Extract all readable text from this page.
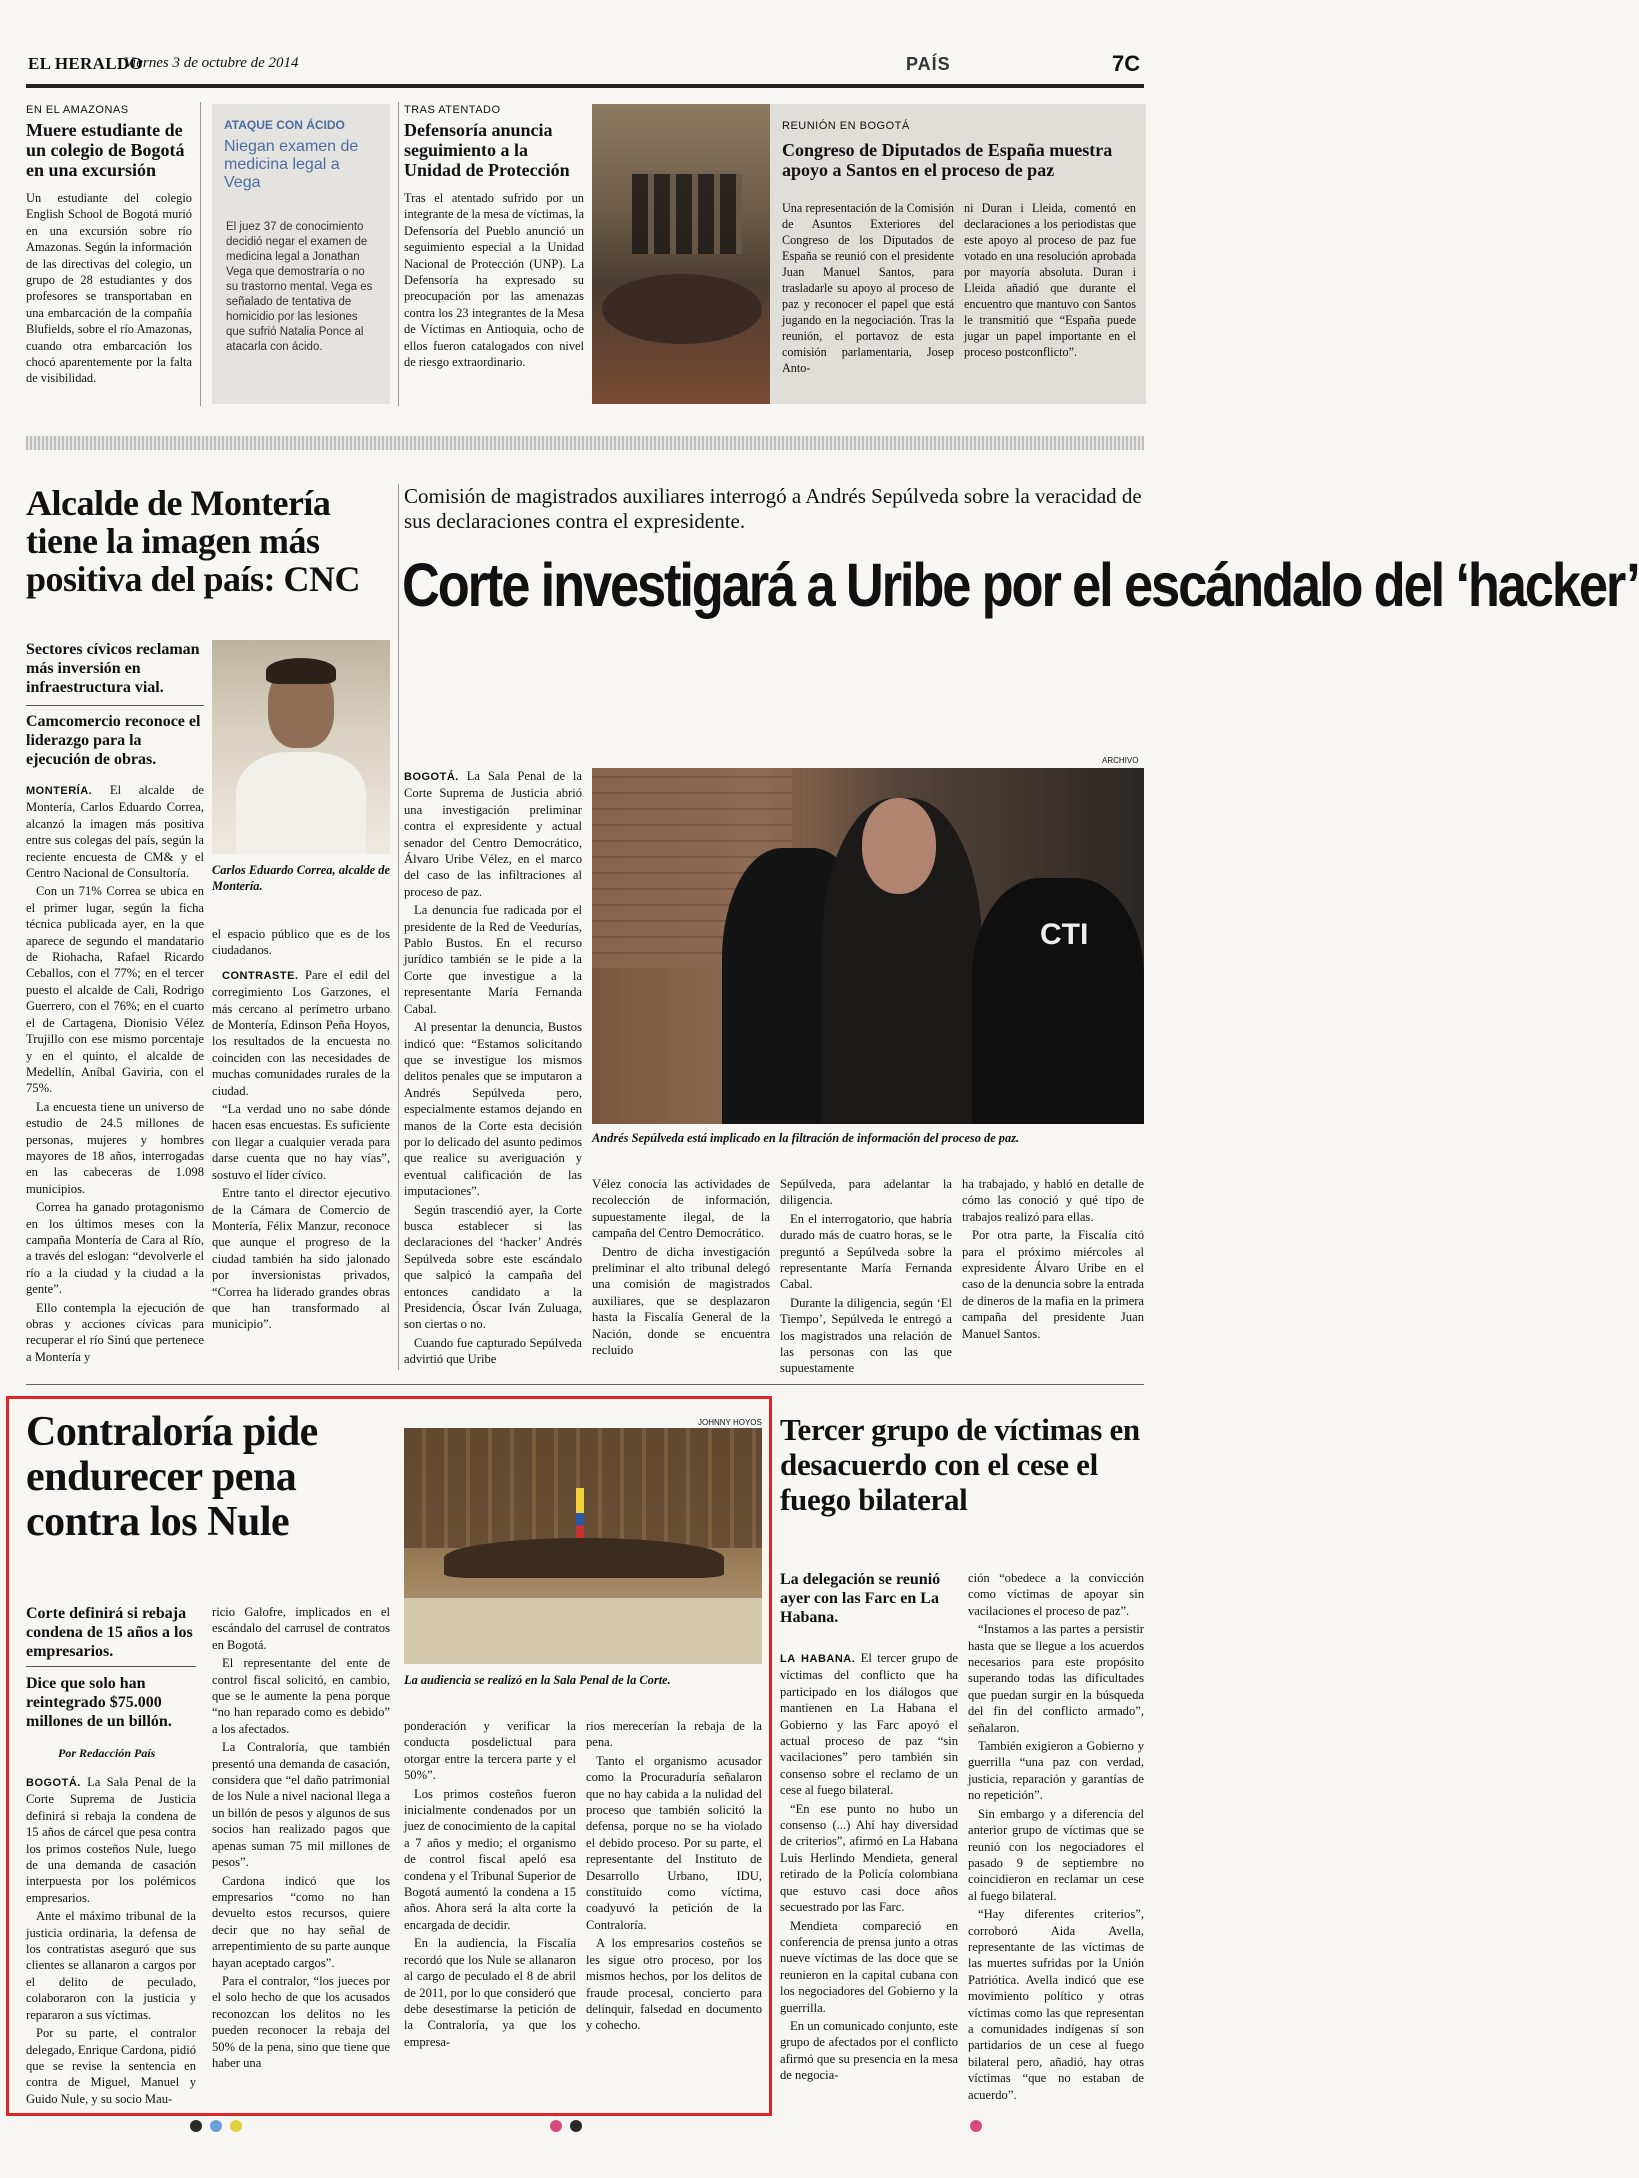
EL HERALDO
Viernes 3 de octubre de 2014	PAÍS	7C
EN EL AMAZONAS
Muere estudiante de un colegio de Bogotá en una excursión
Un estudiante del colegio English School de Bogotá murió en una excursión sobre río Amazonas. Según la información de las directivas del colegio, un grupo de 28 estudiantes y dos profesores se transportaban en una embarcación de la compañía Blufields, sobre el río Amazonas, cuando otra embarcación los chocó aparentemente por la falta de visibilidad.
ATAQUE CON ÁCIDO
Niegan examen de medicina legal a Vega
El juez 37 de conocimiento decidió negar el examen de medicina legal a Jonathan Vega que demostraría o no su trastorno mental. Vega es señalado de tentativa de homicidio por las lesiones que sufrió Natalia Ponce al atacarla con ácido.
TRAS ATENTADO
Defensoría anuncia seguimiento a la Unidad de Protección
Tras el atentado sufrido por un integrante de la mesa de víctimas, la Defensoría del Pueblo anunció un seguimiento especial a la Unidad Nacional de Protección (UNP). La Defensoría ha expresado su preocupación por las amenazas contra los 23 integrantes de la Mesa de Víctimas en Antioquia, ocho de ellos fueron catalogados con nivel de riesgo extraordinario.
REUNIÓN EN BOGOTÁ
Congreso de Diputados de España muestra apoyo a Santos en el proceso de paz
Una representación de la Comisión de Asuntos Exteriores del Congreso de los Diputados de España se reunió con el presidente Juan Manuel Santos, para trasladarle su apoyo al proceso de paz y reconocer el papel que está jugando en la negociación. Tras la reunión, el portavoz de esta comisión parlamentaria, Josep Anto-
ni Duran i Lleida, comentó en declaraciones a los periodistas que este apoyo al proceso de paz fue votado en una resolución aprobada por mayoría absoluta. Duran i Lleida añadió que durante el encuentro que mantuvo con Santos le transmitió que “España puede jugar un papel importante en el proceso postconflicto”.
Alcalde de Montería tiene la imagen más positiva del país: CNC
Sectores cívicos reclaman más inversión en infraestructura vial.
Camcomercio reconoce el liderazgo para la ejecución de obras.
Carlos Eduardo Correa, alcalde de Montería.

MONTERÍA. El alcalde de Montería, Carlos Eduardo Correa, alcanzó la imagen más positiva entre sus colegas del país, según la reciente encuesta de CM& y el Centro Nacional de Consultoría.

Con un 71% Correa se ubica en el primer lugar, según la ficha técnica publicada ayer, en la que aparece de segundo el mandatario de Riohacha, Rafael Ricardo Ceballos, con el 77%; en el tercer puesto el alcalde de Cali, Rodrigo Guerrero, con el 76%; en el cuarto el de Cartagena, Dionisio Vélez Trujillo con ese mismo porcentaje y en el quinto, el alcalde de Medellín, Aníbal Gaviria, con el 75%.

La encuesta tiene un universo de estudio de 24.5 millones de personas, mujeres y hombres mayores de 18 años, interrogadas en las cabeceras de 1.098 municipios.

Correa ha ganado protagonismo en los últimos meses con la campaña Montería de Cara al Río, a través del eslogan: “devolverle el río a la ciudad y la ciudad a la gente”.

Ello contempla la ejecución de obras y acciones cívicas para recuperar el río Sinú que pertenece a Montería y

el espacio público que es de los ciudadanos.

CONTRASTE. Pare el edil del corregimiento Los Garzones, el más cercano al perímetro urbano de Montería, Edinson Peña Hoyos, los resultados de la encuesta no coinciden con las necesidades de muchas comunidades rurales de la ciudad.

“La verdad uno no sabe dónde hacen esas encuestas. Es suficiente con llegar a cualquier verada para darse cuenta que no hay vías”, sostuvo el líder cívico.

Entre tanto el director ejecutivo de la Cámara de Comercio de Montería, Félix Manzur, reconoce que aunque el progreso de la ciudad también ha sido jalonado por inversionistas privados, “Correa ha liderado grandes obras que han transformado al municipio”.

Comisión de magistrados auxiliares interrogó a Andrés Sepúlveda sobre la veracidad de sus declaraciones contra el expresidente.
Corte investigará a Uribe por el escándalo del ‘hacker’
ARCHIVO
CTI
Andrés Sepúlveda está implicado en la filtración de información del proceso de paz.

BOGOTÁ. La Sala Penal de la Corte Suprema de Justicia abrió una investigación preliminar contra el expresidente y actual senador del Centro Democrático, Álvaro Uribe Vélez, en el marco del caso de las infiltraciones al proceso de paz.

La denuncia fue radicada por el presidente de la Red de Veedurías, Pablo Bustos. En el recurso jurídico también se le pide a la Corte que investigue a la representante María Fernanda Cabal.

Al presentar la denuncia, Bustos indicó que: “Estamos solicitando que se investigue los mismos delitos penales que se imputaron a Andrés Sepúlveda pero, especialmente estamos dejando en manos de la Corte esta decisión por lo delicado del asunto pedimos que realice su averiguación y eventual calificación de las imputaciones”.

Según trascendió ayer, la Corte busca establecer si las declaraciones del ‘hacker’ Andrés Sepúlveda sobre este escándalo que salpicó la campaña del entonces candidato a la Presidencia, Óscar Iván Zuluaga, son ciertas o no.

Cuando fue capturado Sepúlveda advirtió que Uribe

Vélez conocía las actividades de recolección de información, supuestamente ilegal, de la campaña del Centro Democrático.

Dentro de dicha investigación preliminar el alto tribunal delegó una comisión de magistrados auxiliares, que se desplazaron hasta la Fiscalía General de la Nación, donde se encuentra recluido

Sepúlveda, para adelantar la diligencia.

En el interrogatorio, que habría durado más de cuatro horas, se le preguntó a Sepúlveda sobre la representante María Fernanda Cabal.

Durante la diligencia, según ‘El Tiempo’, Sepúlveda le entregó a los magistrados una relación de las personas con las que supuestamente

ha trabajado, y habló en detalle de cómo las conoció y qué tipo de trabajos realizó para ellas.

Por otra parte, la Fiscalía citó para el próximo miércoles al expresidente Álvaro Uribe en el caso de la denuncia sobre la entrada de dineros de la mafia en la primera campaña del presidente Juan Manuel Santos.

Contraloría pide endurecer pena contra los Nule
JOHNNY HOYOS
La audiencia se realizó en la Sala Penal de la Corte.
Corte definirá si rebaja condena de 15 años a los empresarios.
Dice que solo han reintegrado $75.000 millones de un billón.
Por Redacción País

BOGOTÁ. La Sala Penal de la Corte Suprema de Justicia definirá si rebaja la condena de 15 años de cárcel que pesa contra los primos costeños Nule, luego de una demanda de casación interpuesta por los polémicos empresarios.

Ante el máximo tribunal de la justicia ordinaria, la defensa de los contratistas aseguró que sus clientes se allanaron a cargos por el delito de peculado, colaboraron con la justicia y repararon a sus víctimas.

Por su parte, el contralor delegado, Enrique Cardona, pidió que se revise la sentencia en contra de Miguel, Manuel y Guido Nule, y su socio Mau-

ricio Galofre, implicados en el escándalo del carrusel de contratos en Bogotá.

El representante del ente de control fiscal solicitó, en cambio, que se le aumente la pena porque “no han reparado como es debido” a los afectados.

La Contraloría, que también presentó una demanda de casación, considera que “el daño patrimonial de los Nule a nivel nacional llega a un billón de pesos y algunos de sus socios han realizado pagos que apenas suman 75 mil millones de pesos”.

Cardona indicó que los empresarios “como no han devuelto estos recursos, quiere decir que no hay señal de arrepentimiento de su parte aunque hayan aceptado cargos”.

Para el contralor, “los jueces por el solo hecho de que los acusados reconozcan los delitos no les pueden reconocer la rebaja del 50% de la pena, sino que tiene que haber una

ponderación y verificar la conducta posdelictual para otorgar entre la tercera parte y el 50%”.

Los primos costeños fueron inicialmente condenados por un juez de conocimiento de la capital a 7 años y medio; el organismo de control fiscal apeló esa condena y el Tribunal Superior de Bogotá aumentó la condena a 15 años. Ahora será la alta corte la encargada de decidir.

En la audiencia, la Fiscalía recordó que los Nule se allanaron al cargo de peculado el 8 de abril de 2011, por lo que consideró que debe desestimarse la petición de la Contraloría, ya que los empresa-

rios merecerían la rebaja de la pena.

Tanto el organismo acusador como la Procuraduría señalaron que no hay cabida a la nulidad del proceso que también solicitó la defensa, porque no se ha violado el debido proceso. Por su parte, el representante del Instituto de Desarrollo Urbano, IDU, constituido como víctima, coadyuvó la petición de la Contraloría.

A los empresarios costeños se les sigue otro proceso, por los mismos hechos, por los delitos de fraude procesal, concierto para delinquir, falsedad en documento y cohecho.

Tercer grupo de víctimas en desacuerdo con el cese el fuego bilateral
La delegación se reunió ayer con las Farc en La Habana.

LA HABANA. El tercer grupo de víctimas del conflicto que ha participado en los diálogos que mantienen en La Habana el Gobierno y las Farc apoyó el actual proceso de paz “sin vacilaciones” pero también sin consenso sobre el reclamo de un cese al fuego bilateral.

“En ese punto no hubo un consenso (...) Ahí hay diversidad de criterios”, afirmó en La Habana Luis Herlindo Mendieta, general retirado de la Policía colombiana que estuvo casi doce años secuestrado por las Farc.

Mendieta compareció en conferencia de prensa junto a otras nueve víctimas de las doce que se reunieron en la capital cubana con los negociadores del Gobierno y la guerrilla.

En un comunicado conjunto, este grupo de afectados por el conflicto afirmó que su presencia en la mesa de negocia-

ción “obedece a la convicción como víctimas de apoyar sin vacilaciones el proceso de paz”.

“Instamos a las partes a persistir hasta que se llegue a los acuerdos necesarios para este propósito superando todas las dificultades que puedan surgir en la búsqueda del fin del conflicto armado”, señalaron.

También exigieron a Gobierno y guerrilla “una paz con verdad, justicia, reparación y garantías de no repetición”.

Sin embargo y a diferencia del anterior grupo de víctimas que se reunió con los negociadores el pasado 9 de septiembre no coincidieron en reclamar un cese al fuego bilateral.

“Hay diferentes criterios”, corroboró Aida Avella, representante de las víctimas de las muertes sufridas por la Unión Patriótica. Avella indicó que ese movimiento político y otras víctimas como las que representan a comunidades indígenas sí son partidarios de un cese al fuego bilateral pero, añadió, hay otras víctimas “que no estaban de acuerdo”.
